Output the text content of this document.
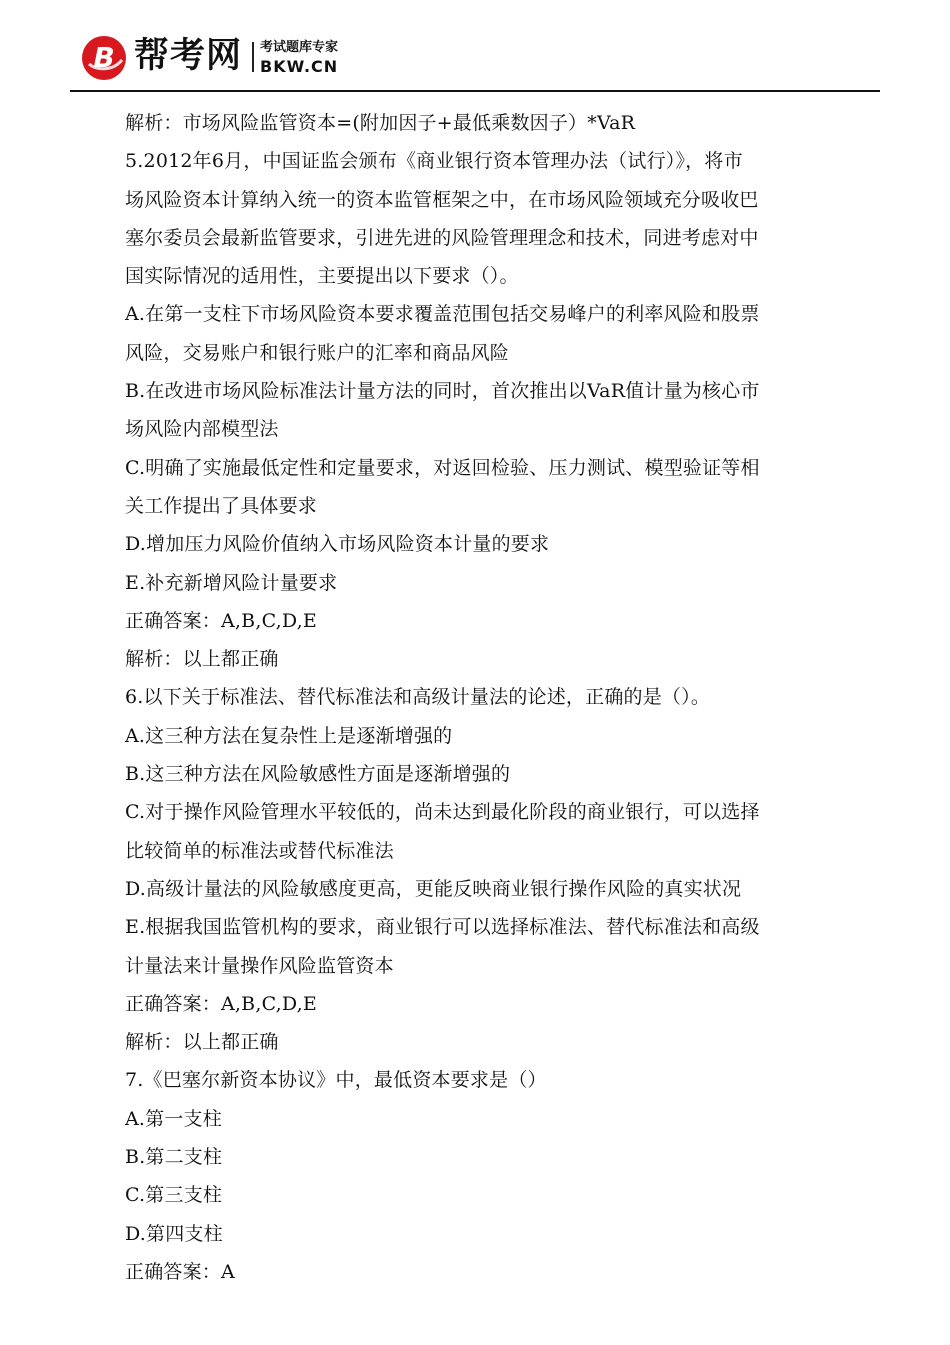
B 帮考网 考试题库专家
BKW.CN
解析：市场风险监管资本=(附加因子+最低乘数因子）*VaR
5.2012年6月，中国证监会颁布《商业银行资本管理办法（试行）》，将市
场风险资本计算纳入统一的资本监管框架之中，在市场风险领域充分吸收巴
塞尔委员会最新监管要求，引进先进的风险管理理念和技术，同进考虑对中
国实际情况的适用性，主要提出以下要求（）。
A.在第一支柱下市场风险资本要求覆盖范围包括交易峰户的利率风险和股票
风险，交易账户和银行账户的汇率和商品风险
B.在改进市场风险标准法计量方法的同时，首次推出以VaR值计量为核心市
场风险内部模型法
C.明确了实施最低定性和定量要求，对返回检验、压力测试、模型验证等相
关工作提出了具体要求
D.增加压力风险价值纳入市场风险资本计量的要求
E.补充新增风险计量要求
正确答案：A,B,C,D,E
解析：以上都正确
6.以下关于标准法、替代标准法和高级计量法的论述，正确的是（）。
A.这三种方法在复杂性上是逐渐增强的
B.这三种方法在风险敏感性方面是逐渐增强的
C.对于操作风险管理水平较低的，尚未达到最化阶段的商业银行，可以选择
比较简单的标准法或替代标准法
D.高级计量法的风险敏感度更高，更能反映商业银行操作风险的真实状况
E.根据我国监管机构的要求，商业银行可以选择标准法、替代标准法和高级
计量法来计量操作风险监管资本
正确答案：A,B,C,D,E
解析：以上都正确
7.《巴塞尔新资本协议》中，最低资本要求是（）
A.第一支柱
B.第二支柱
C.第三支柱
D.第四支柱
正确答案：A
